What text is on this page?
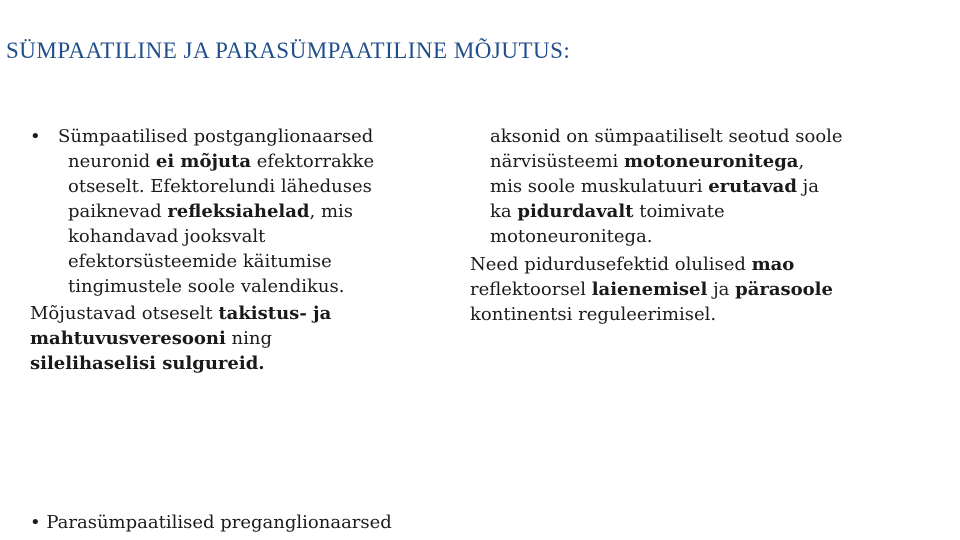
SÜMPAATILINE JA PARASÜMPAATILINE MÕJUTUS:
• Sümpaatilised postganglionaarsed

neuronid ei mõjuta efektorrakke

otseselt. Efektorelundi läheduses

paiknevad refleksiahelad, mis

kohandavad jooksvalt

efektorsüsteemide käitumise

tingimustele soole valendikus.

Mõjustavad otseselt takistus- ja

mahtuvusveresooni ning

silelihaselisi sulgureid.

aksonid on sümpaatiliselt seotud soole

närvisüsteemi motoneuronitega,

mis soole muskulatuuri erutavad ja

ka pidurdavalt toimivate

motoneuronitega.

Need pidurdusefektid olulised mao

reflektoorsel laienemisel ja pärasoole

kontinentsi reguleerimisel.

• Parasümpaatilised preganglionaarsed
